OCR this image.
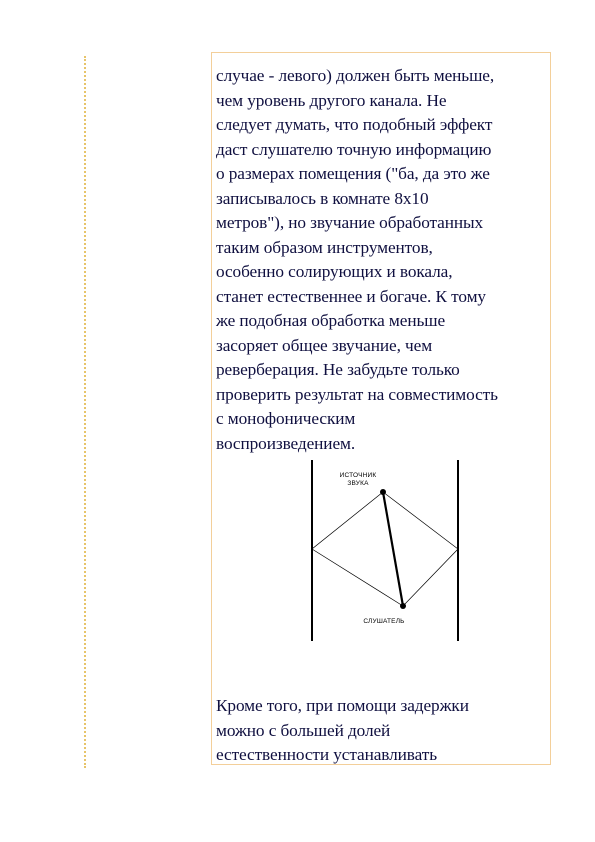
случае - левого) должен быть меньше,
чем уровень другого канала. Не
следует думать, что подобный эффект
даст слушателю точную информацию
о размерах помещения ("ба, да это же
записывалось в комнате 8х10
метров"), но звучание обработанных
таким образом инструментов,
особенно солирующих и вокала,
станет естественнее и богаче. К тому
же подобная обработка меньше
засоряет общее звучание, чем
реверберация. Не забудьте только
проверить результат на совместимость
с монофоническим
воспроизведением.
ИСТОЧНИК
ЗВУКА
СЛУШАТЕЛЬ
Кроме того, при помощи задержки
можно с большей долей
естественности устанавливать
